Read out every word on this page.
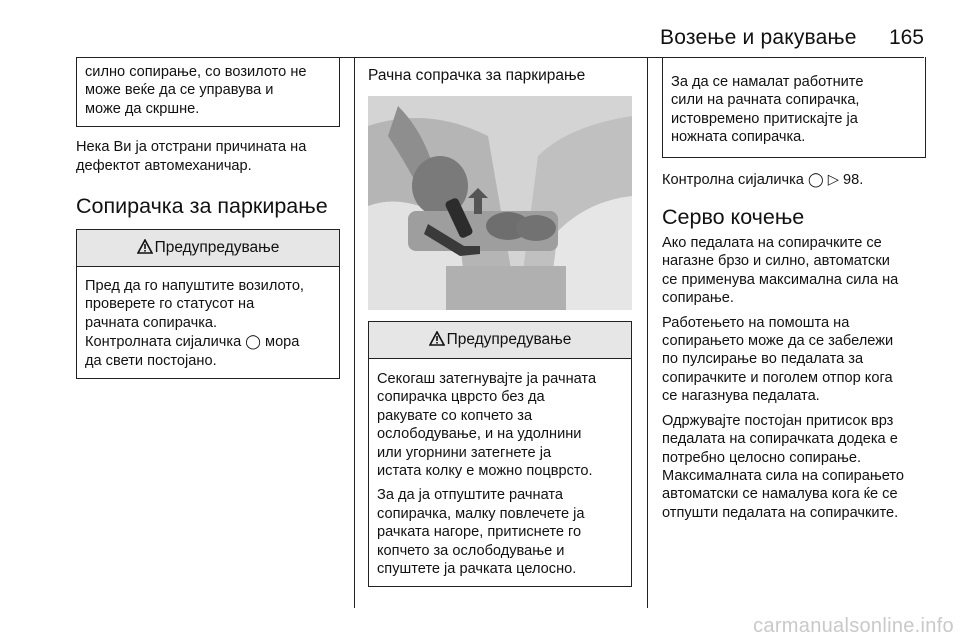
Возење и ракување 165
силно сопирање, со возилото не
може веќе да се управува и
може да скршне.
Нека Ви ја отстрани причината на
дефектот автомеханичар.
Сопирачка за паркирање
Предупредување
Пред да го напуштите возилото,
проверете го статусот на
рачната сопирачка.
Контролната сијаличка ◯ мора
да свети постојано.
Рачна сопрачка за паркирање
Предупредување
Секогаш затегнувајте ја рачната
сопирачка цврсто без да
ракувате со копчето за
ослободување, и на удолнини
или угорнини затегнете ја
истата колку е можно поцврсто.
За да ја отпуштите рачната
сопирачка, малку повлечете ја
рачката нагоре, притиснете го
копчето за ослободување и
спуштете ја рачката целосно.
За да се намалат работните
сили на рачната сопирачка,
истовремено притискајте ја
ножната сопирачка.
Контролна сијаличка ◯ ▷ 98.
Серво кочење
Ако педалата на сопирачките се
нагазне брзо и силно, автоматски
се применува максимална сила на
сопирање.
Работењето на помошта на
сопирањето може да се забележи
по пулсирање во педалата за
сопирачките и поголем отпор кога
се нагазнува педалата.
Одржувајте постојан притисок врз
педалата на сопирачката додека е
потребно целосно сопирање.
Максималната сила на сопирањето
автоматски се намалува кога ќе се
отпушти педалата на сопирачките.
carmanualsonline.info
